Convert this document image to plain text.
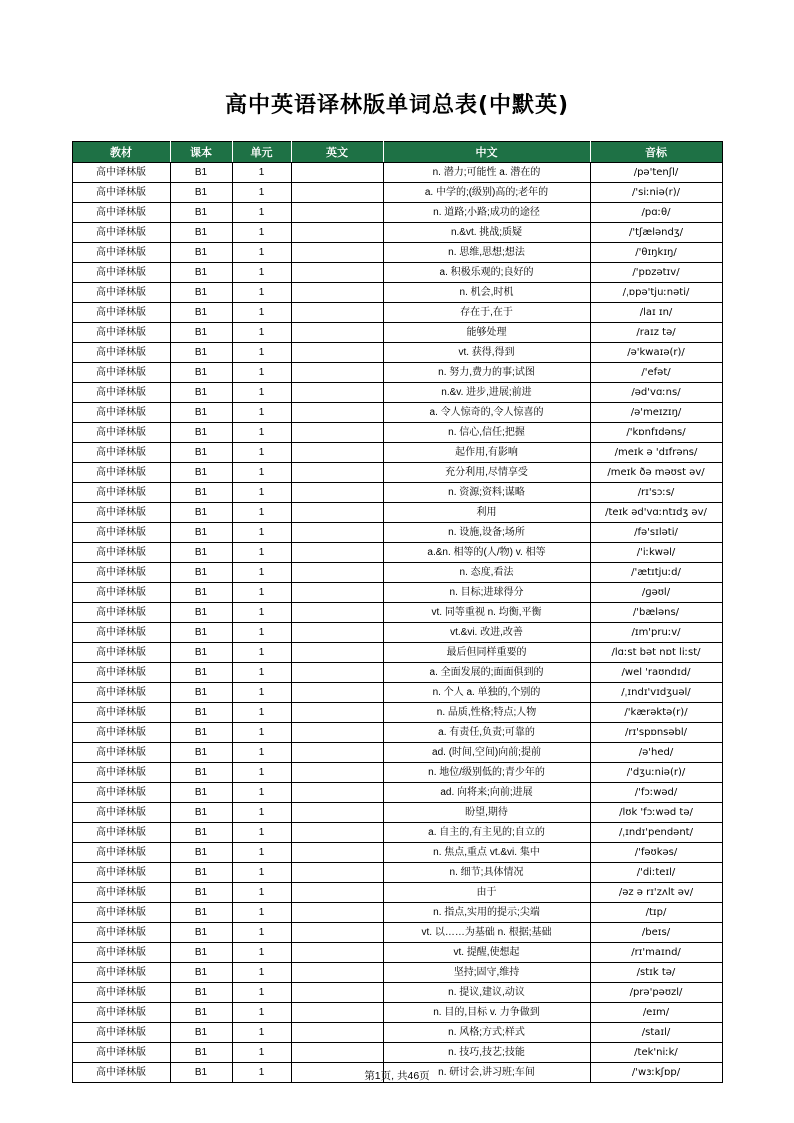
高中英语译林版单词总表(中默英)
教材	课本	单元	英文	中文	音标
高中译林版	B1	1		n. 潜力;可能性 a. 潜在的	/pə'tenʃl/
高中译林版	B1	1		a. 中学的;(级别)高的;老年的	/'siːniə(r)/
高中译林版	B1	1		n. 道路;小路;成功的途径	/pɑːθ/
高中译林版	B1	1		n.&vt. 挑战;质疑	/'tʃæləndʒ/
高中译林版	B1	1		n. 思维,思想;想法	/'θɪŋkɪŋ/
高中译林版	B1	1		a. 积极乐观的;良好的	/'pɒzətɪv/
高中译林版	B1	1		n. 机会,时机	/ˌɒpə'tjuːnəti/
高中译林版	B1	1		存在于,在于	/laɪ ɪn/
高中译林版	B1	1		能够处理	/raɪz tə/
高中译林版	B1	1		vt. 获得,得到	/ə'kwaɪə(r)/
高中译林版	B1	1		n. 努力,费力的事;试图	/'efət/
高中译林版	B1	1		n.&v. 进步,进展;前进	/əd'vɑːns/
高中译林版	B1	1		a. 令人惊奇的,令人惊喜的	/ə'meɪzɪŋ/
高中译林版	B1	1		n. 信心,信任;把握	/'kɒnfɪdəns/
高中译林版	B1	1		起作用,有影响	/meɪk ə 'dɪfrəns/
高中译林版	B1	1		充分利用,尽情享受	/meɪk ðə məʊst əv/
高中译林版	B1	1		n. 资源;资料;谋略	/rɪ'sɔːs/
高中译林版	B1	1		利用	/teɪk əd'vɑːntɪdʒ əv/
高中译林版	B1	1		n. 设施,设备;场所	/fə'sɪləti/
高中译林版	B1	1		a.&n. 相等的(人/物) v. 相等	/'iːkwəl/
高中译林版	B1	1		n. 态度,看法	/'ætɪtjuːd/
高中译林版	B1	1		n. 目标;进球得分	/ɡəʊl/
高中译林版	B1	1		vt. 同等重视 n. 均衡,平衡	/'bæləns/
高中译林版	B1	1		vt.&vi. 改进,改善	/ɪm'pruːv/
高中译林版	B1	1		最后但同样重要的	/lɑːst bət nɒt liːst/
高中译林版	B1	1		a. 全面发展的;面面俱到的	/wel 'raʊndɪd/
高中译林版	B1	1		n. 个人 a. 单独的,个别的	/ˌɪndɪ'vɪdʒuəl/
高中译林版	B1	1		n. 品质,性格;特点;人物	/'kærəktə(r)/
高中译林版	B1	1		a. 有责任,负责;可靠的	/rɪ'spɒnsəbl/
高中译林版	B1	1		ad. (时间,空间)向前;提前	/ə'hed/
高中译林版	B1	1		n. 地位/级别低的;青少年的	/'dʒuːniə(r)/
高中译林版	B1	1		ad. 向将来;向前;进展	/'fɔːwəd/
高中译林版	B1	1		盼望,期待	/lʊk 'fɔːwəd tə/
高中译林版	B1	1		a. 自主的,有主见的;自立的	/ˌɪndɪ'pendənt/
高中译林版	B1	1		n. 焦点,重点 vt.&vi. 集中	/'fəʊkəs/
高中译林版	B1	1		n. 细节;具体情况	/'diːteɪl/
高中译林版	B1	1		由于	/əz ə rɪ'zʌlt əv/
高中译林版	B1	1		n. 指点,实用的提示;尖端	/tɪp/
高中译林版	B1	1		vt. 以……为基础 n. 根据;基础	/beɪs/
高中译林版	B1	1		vt. 提醒,使想起	/rɪ'maɪnd/
高中译林版	B1	1		坚持;固守,维持	/stɪk tə/
高中译林版	B1	1		n. 提议,建议,动议	/prə'pəʊzl/
高中译林版	B1	1		n. 目的,目标 v. 力争做到	/eɪm/
高中译林版	B1	1		n. 风格;方式;样式	/staɪl/
高中译林版	B1	1		n. 技巧,技艺;技能	/tek'niːk/
高中译林版	B1	1		n. 研讨会,讲习班;车间	/'wɜːkʃɒp/
第1页, 共46页
